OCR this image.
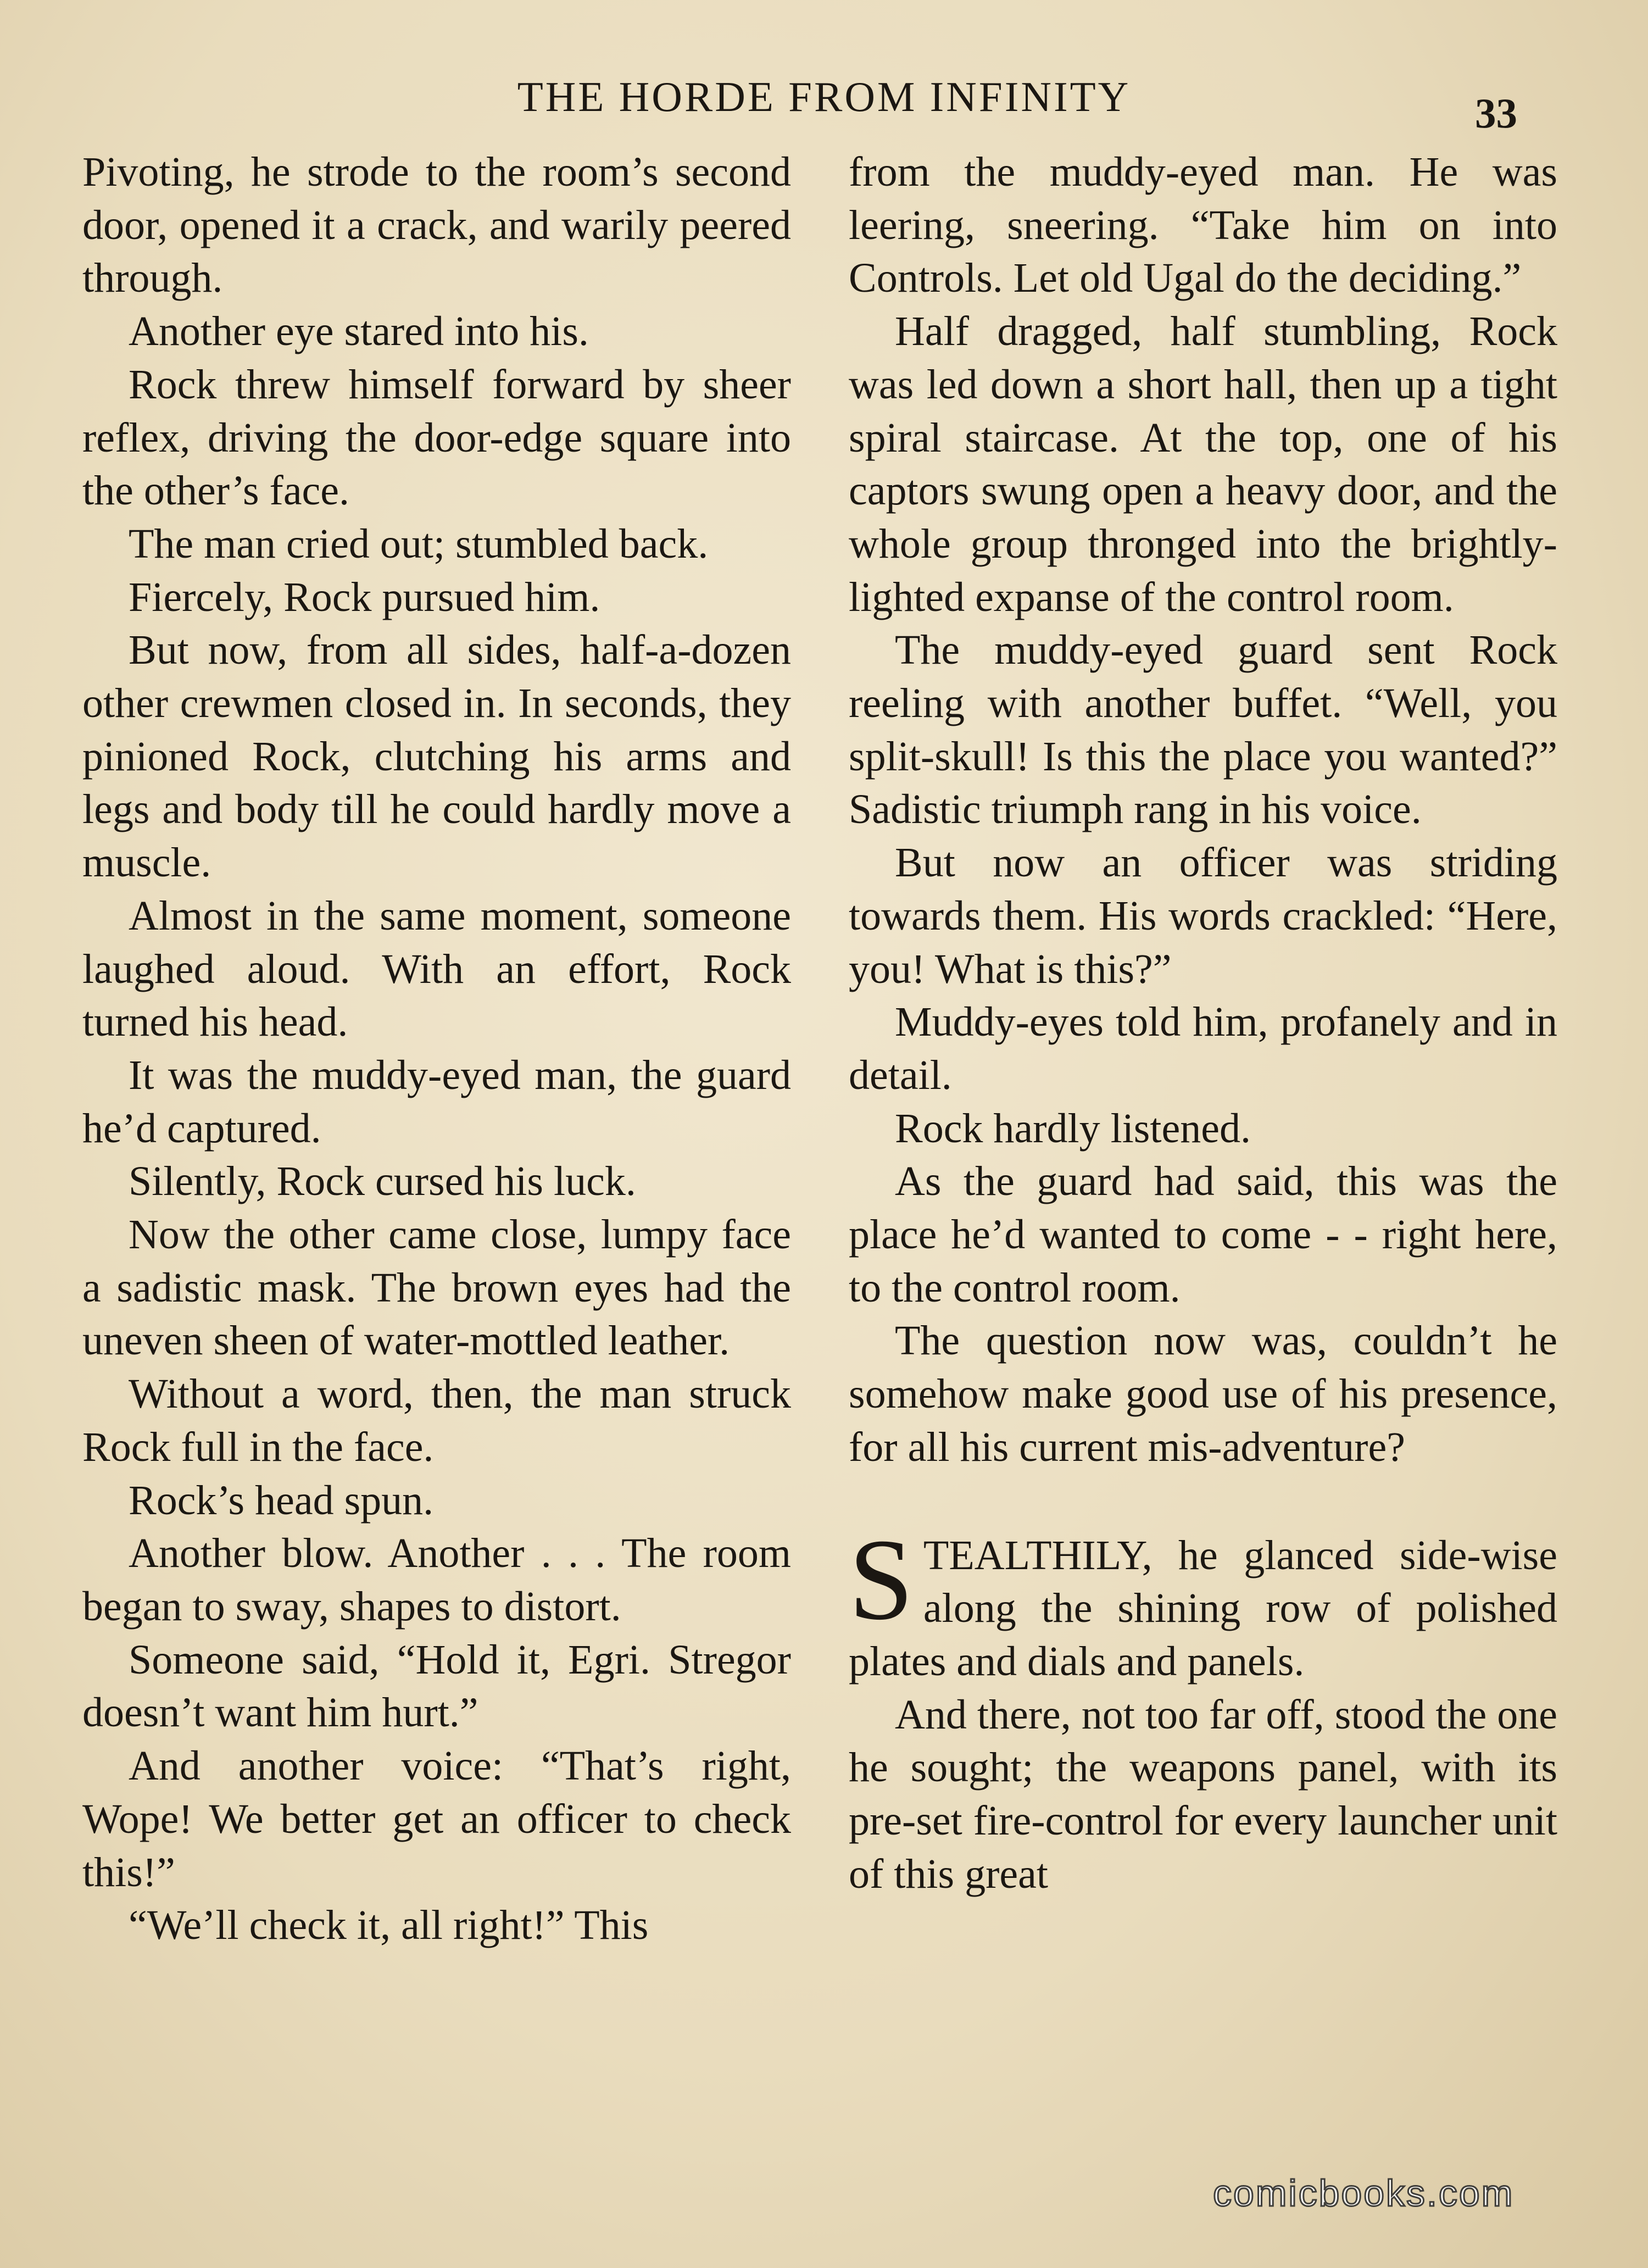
THE HORDE FROM INFINITY	33

Pivoting, he strode to the room’s second door, opened it a crack, and warily peered through.

Another eye stared into his.

Rock threw himself forward by sheer reflex, driving the door-edge square into the other’s face.

The man cried out; stumbled back.

Fiercely, Rock pursued him.

But now, from all sides, half-a-dozen other crewmen closed in. In seconds, they pinioned Rock, clutching his arms and legs and body till he could hardly move a muscle.

Almost in the same moment, someone laughed aloud. With an effort, Rock turned his head.

It was the muddy-eyed man, the guard he’d captured.

Silently, Rock cursed his luck.

Now the other came close, lumpy face a sadistic mask. The brown eyes had the uneven sheen of water-mottled leather.

Without a word, then, the man struck Rock full in the face.

Rock’s head spun.

Another blow. Another . . . The room began to sway, shapes to distort.

Someone said, “Hold it, Egri. Stregor doesn’t want him hurt.”

And another voice: “That’s right, Wope! We better get an officer to check this!”

“We’ll check it, all right!” This

from the muddy-eyed man. He was leering, sneering. “Take him on into Controls. Let old Ugal do the deciding.”

Half dragged, half stumbling, Rock was led down a short hall, then up a tight spiral staircase. At the top, one of his captors swung open a heavy door, and the whole group thronged into the brightly-lighted expanse of the control room.

The muddy-eyed guard sent Rock reeling with another buffet. “Well, you split-skull! Is this the place you wanted?” Sadistic triumph rang in his voice.

But now an officer was striding towards them. His words crackled: “Here, you! What is this?”

Muddy-eyes told him, profanely and in detail.

Rock hardly listened.

As the guard had said, this was the place he’d wanted to come - - right here, to the control room.

The question now was, couldn’t he somehow make good use of his presence, for all his current mis-adventure?

STEALTHILY, he glanced side-wise along the shining row of polished plates and dials and panels.

And there, not too far off, stood the one he sought; the weapons panel, with its pre-set fire-control for every launcher unit of this great

comicbooks.com
